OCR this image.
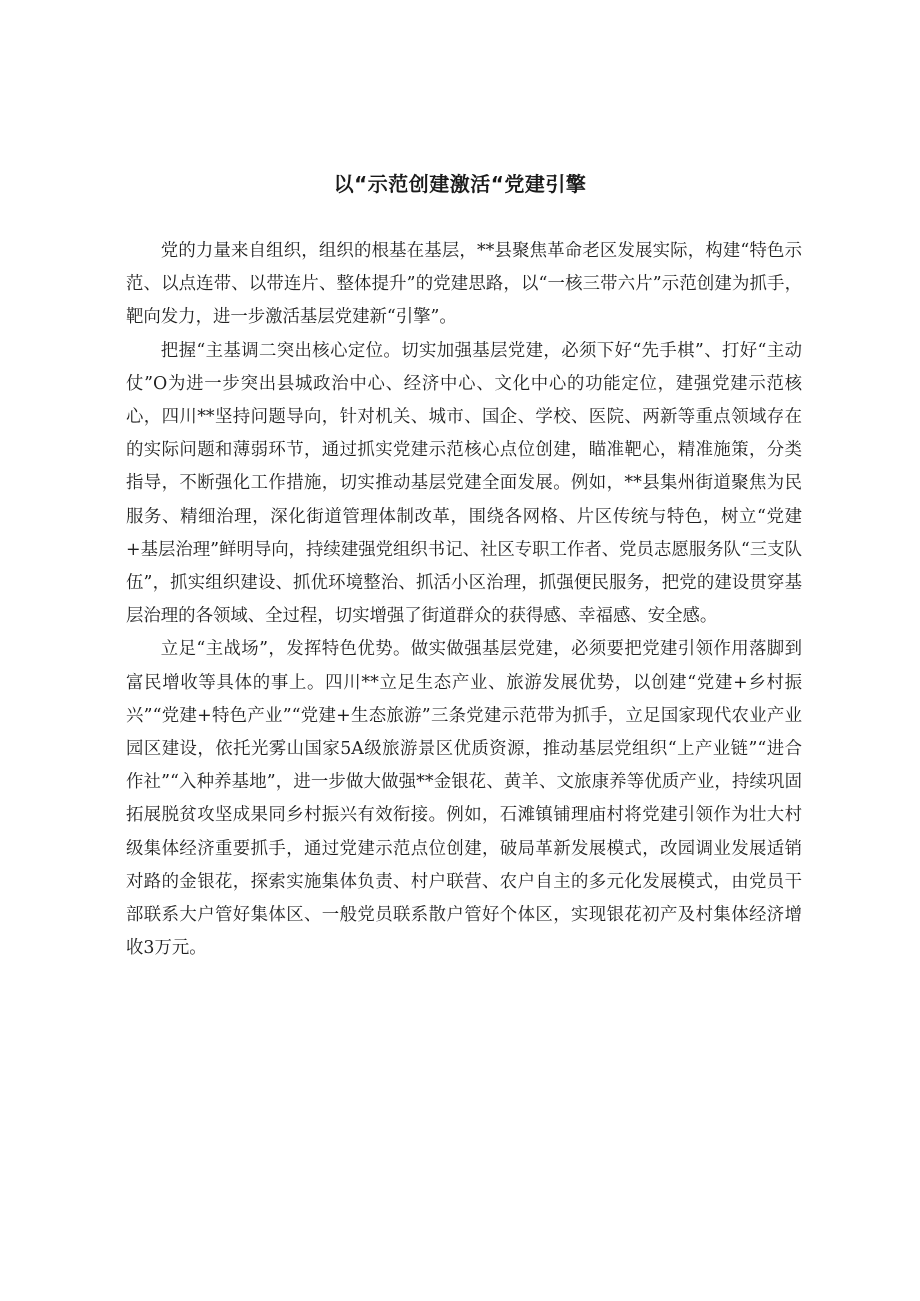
以“示范创建激活“党建引擎

党的力量来自组织，组织的根基在基层，**县聚焦革命老区发展实际，构建“特色示范、以点连带、以带连片、整体提升”的党建思路，以“一核三带六片”示范创建为抓手，靶向发力，进一步激活基层党建新“引擎”。

把握“主基调二突出核心定位。切实加强基层党建，必须下好“先手棋”、打好“主动仗”O为进一步突出县城政治中心、经济中心、文化中心的功能定位，建强党建示范核心，四川**坚持问题导向，针对机关、城市、国企、学校、医院、两新等重点领域存在的实际问题和薄弱环节，通过抓实党建示范核心点位创建，瞄准靶心，精准施策，分类指导，不断强化工作措施，切实推动基层党建全面发展。例如，**县集州街道聚焦为民服务、精细治理，深化街道管理体制改革，围绕各网格、片区传统与特色，树立“党建+基层治理”鲜明导向，持续建强党组织书记、社区专职工作者、党员志愿服务队“三支队伍”，抓实组织建设、抓优环境整治、抓活小区治理，抓强便民服务，把党的建设贯穿基层治理的各领域、全过程，切实增强了街道群众的获得感、幸福感、安全感。

立足“主战场”，发挥特色优势。做实做强基层党建，必须要把党建引领作用落脚到富民增收等具体的事上。四川**立足生态产业、旅游发展优势，以创建“党建+乡村振兴”“党建+特色产业”“党建+生态旅游”三条党建示范带为抓手，立足国家现代农业产业园区建设，依托光雾山国家5A级旅游景区优质资源，推动基层党组织“上产业链”“进合作社”“入种养基地”，进一步做大做强**金银花、黄羊、文旅康养等优质产业，持续巩固拓展脱贫攻坚成果同乡村振兴有效衔接。例如，石滩镇铺理庙村将党建引领作为壮大村级集体经济重要抓手，通过党建示范点位创建，破局革新发展模式，改园调业发展适销对路的金银花，探索实施集体负责、村户联营、农户自主的多元化发展模式，由党员干部联系大户管好集体区、一般党员联系散户管好个体区，实现银花初产及村集体经济增收3万元。
